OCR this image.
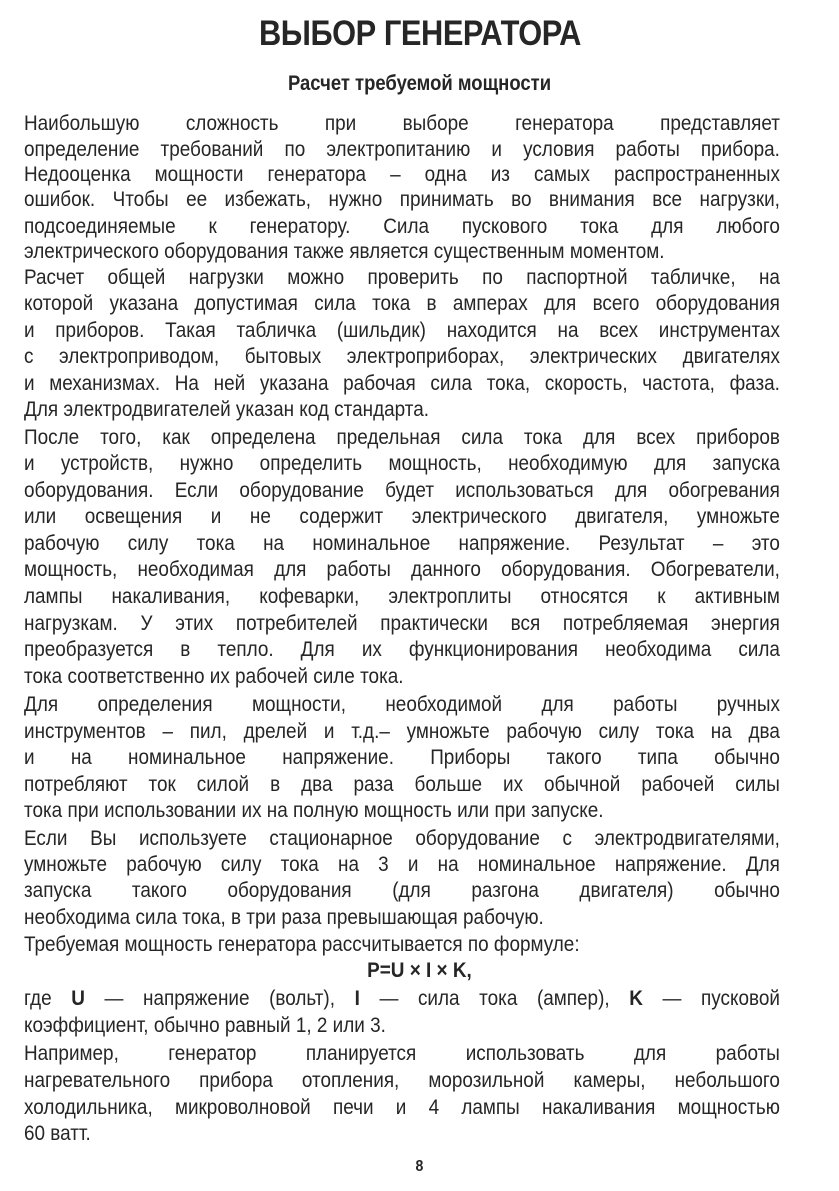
ВЫБОР ГЕНЕРАТОРА
Расчет требуемой мощности
Наибольшую сложность при выборе генератора представляет
определение требований по электропитанию и условия работы прибора.
Недооценка мощности генератора – одна из самых распространенных
ошибок. Чтобы ее избежать, нужно принимать во внимания все нагрузки,
подсоединяемые к генератору. Сила пускового тока для любого
электрического оборудования также является существенным моментом.
Расчет общей нагрузки можно проверить по паспортной табличке, на
которой указана допустимая сила тока в амперах для всего оборудования
и приборов. Такая табличка (шильдик) находится на всех инструментах
с электроприводом, бытовых электроприборах, электрических двигателях
и механизмах. На ней указана рабочая сила тока, скорость, частота, фаза.
Для электродвигателей указан код стандарта.
После того, как определена предельная сила тока для всех приборов
и устройств, нужно определить мощность, необходимую для запуска
оборудования. Если оборудование будет использоваться для обогревания
или освещения и не содержит электрического двигателя, умножьте
рабочую силу тока на номинальное напряжение. Результат – это
мощность, необходимая для работы данного оборудования. Обогреватели,
лампы накаливания, кофеварки, электроплиты относятся к активным
нагрузкам. У этих потребителей практически вся потребляемая энергия
преобразуется в тепло. Для их функционирования необходима сила
тока соответственно их рабочей силе тока.
Для определения мощности, необходимой для работы ручных
инструментов – пил, дрелей и т.д.– умножьте рабочую силу тока на два
и на номинальное напряжение. Приборы такого типа обычно
потребляют ток силой в два раза больше их обычной рабочей силы
тока при использовании их на полную мощность или при запуске.
Если Вы используете стационарное оборудование с электродвигателями,
умножьте рабочую силу тока на 3 и на номинальное напряжение. Для
запуска такого оборудования (для разгона двигателя) обычно
необходима сила тока, в три раза превышающая рабочую.
Требуемая мощность генератора рассчитывается по формуле:
P=U × I × K,
где U — напряжение (вольт), I — сила тока (ампер), K — пусковой
коэффициент, обычно равный 1, 2 или 3.
Например, генератор планируется использовать для работы
нагревательного прибора отопления, морозильной камеры, небольшого
холодильника, микроволновой печи и 4 лампы накаливания мощностью
60 ватт.
8
